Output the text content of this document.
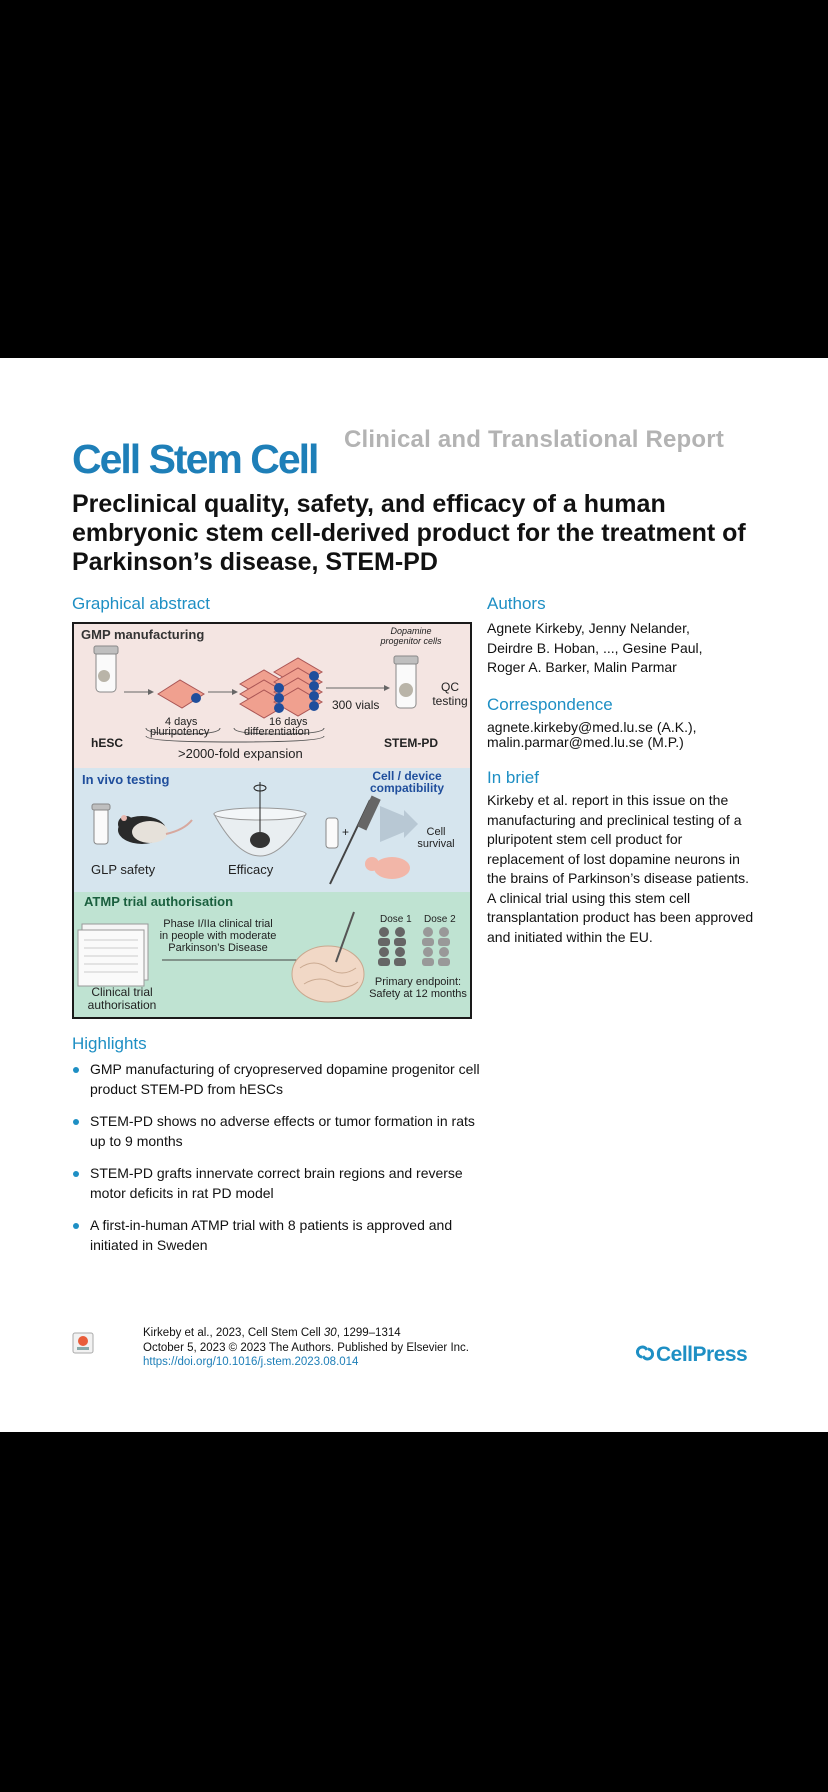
Cell Stem Cell Clinical and Translational Report
Preclinical quality, safety, and efficacy of a human embryonic stem cell-derived product for the treatment of Parkinson’s disease, STEM-PD
Graphical abstract
GMP manufacturing	Dopamine progenitor cells
QC testing
hESC
4 days
pluripotency
16 days
differentiation
300 vials
STEM-PD
>2000-fold expansion
+
In vivo testing	Cell / device compatibility
GLP safety	Efficacy
Cell survival
ATMP trial authorisation
Phase I/IIa clinical trial in people with moderate Parkinson’s Disease
Dose 1 Dose 2
Clinical trial authorisation
Primary endpoint: Safety at 12 months
Authors
Agnete Kirkeby, Jenny Nelander, Deirdre B. Hoban, ..., Gesine Paul, Roger A. Barker, Malin Parmar
Correspondence
agnete.kirkeby@med.lu.se (A.K.),
malin.parmar@med.lu.se (M.P.)
In brief
Kirkeby et al. report in this issue on the manufacturing and preclinical testing of a pluripotent stem cell product for replacement of lost dopamine neurons in the brains of Parkinson’s disease patients. A clinical trial using this stem cell transplantation product has been approved and initiated within the EU.
Highlights
GMP manufacturing of cryopreserved dopamine progenitor cell product STEM-PD from hESCs
STEM-PD shows no adverse effects or tumor formation in rats up to 9 months
STEM-PD grafts innervate correct brain regions and reverse motor deficits in rat PD model
A first-in-human ATMP trial with 8 patients is approved and initiated in Sweden
Kirkeby et al., 2023, Cell Stem Cell 30, 1299–1314
October 5, 2023 © 2023 The Authors. Published by Elsevier Inc.
https://doi.org/10.1016/j.stem.2023.08.014	CellPress
